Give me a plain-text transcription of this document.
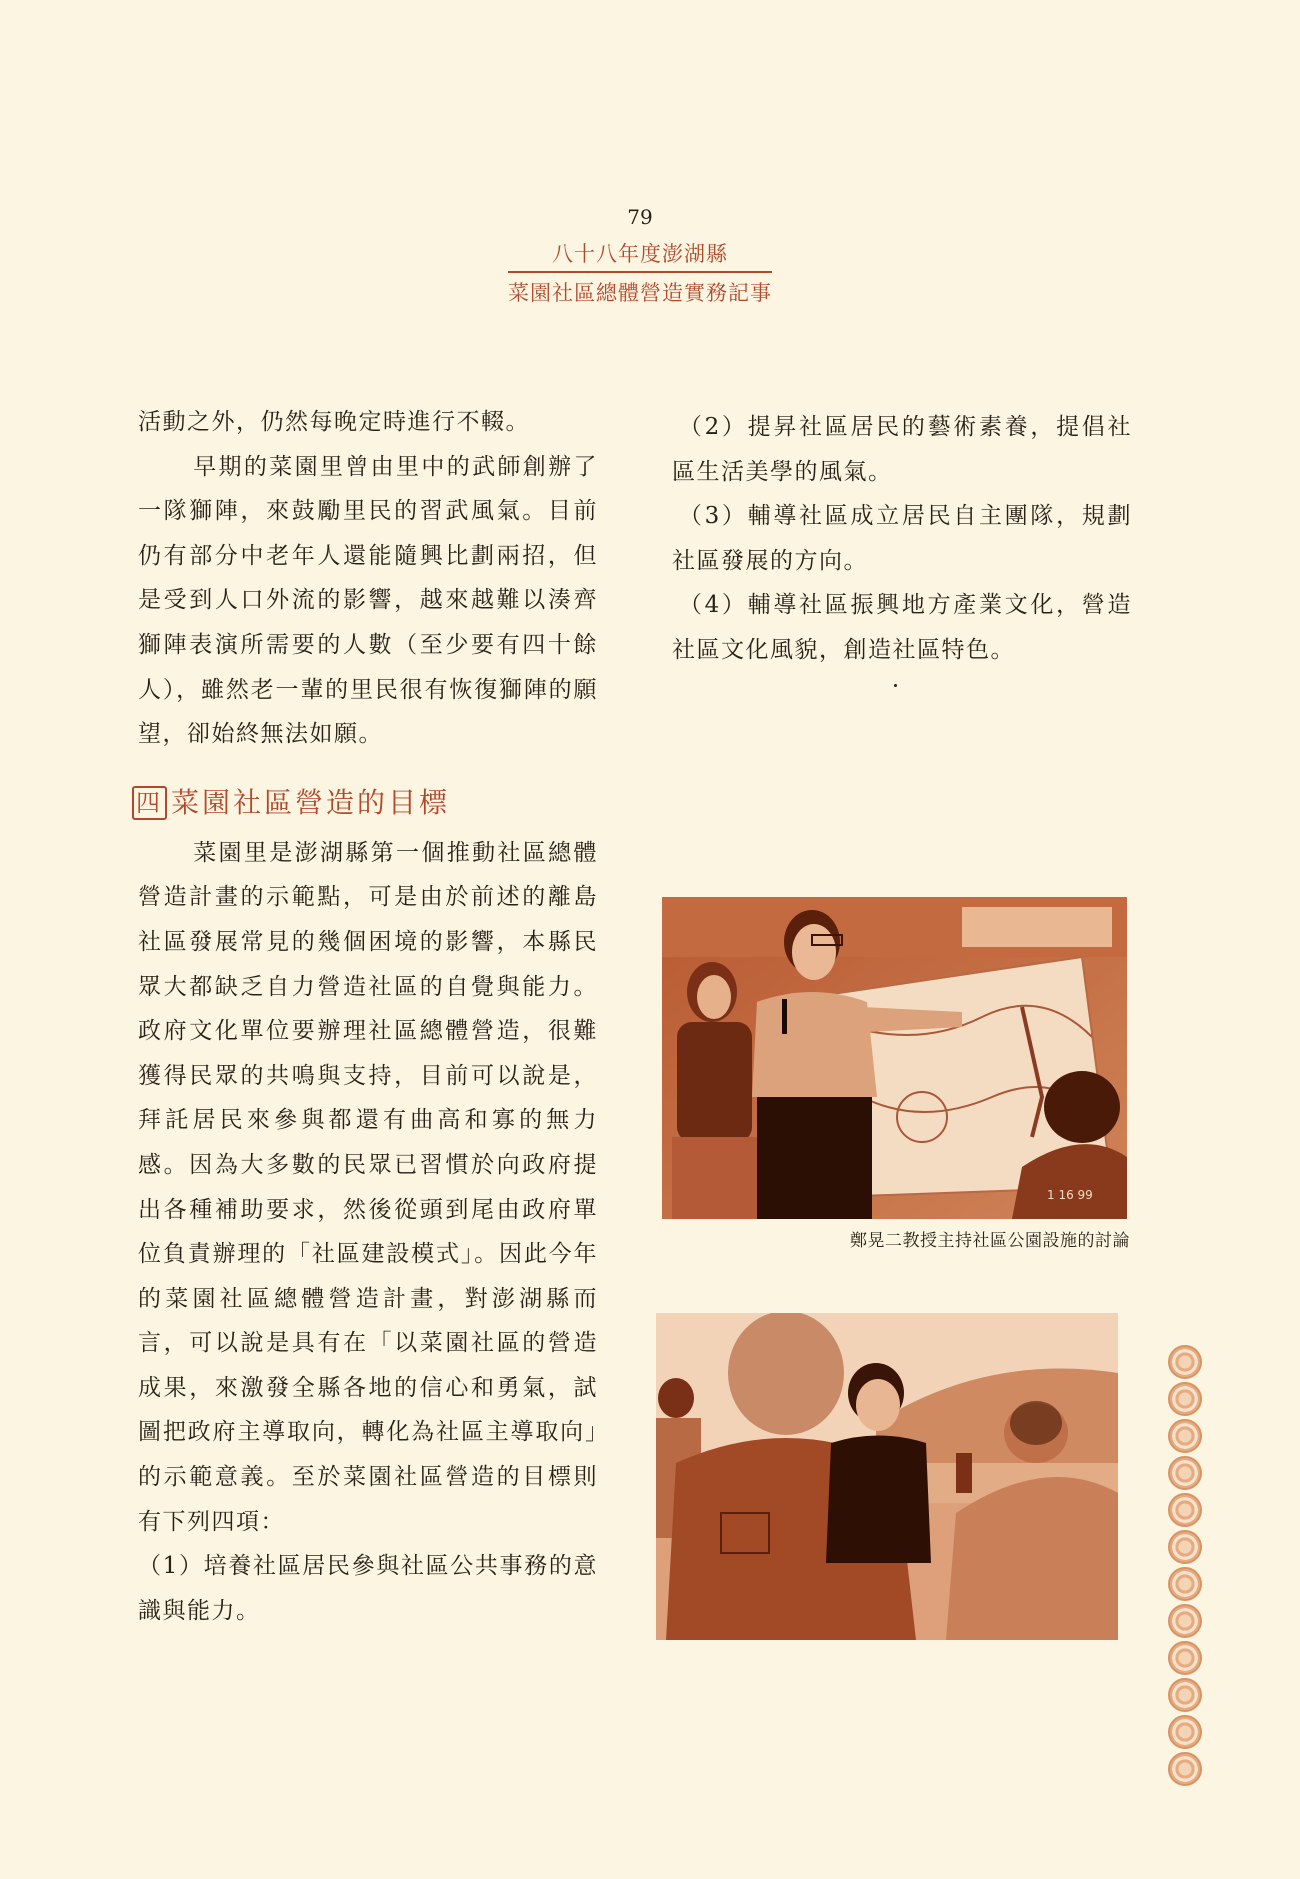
79
八十八年度澎湖縣
菜園社區總體營造實務記事

活動之外，仍然每晚定時進行不輟。

早期的菜園里曾由里中的武師創辦了一隊獅陣，來鼓勵里民的習武風氣。目前仍有部分中老年人還能隨興比劃兩招，但是受到人口外流的影響，越來越難以湊齊獅陣表演所需要的人數（至少要有四十餘人），雖然老一輩的里民很有恢復獅陣的願望，卻始終無法如願。

四 菜園社區營造的目標

菜園里是澎湖縣第一個推動社區總體營造計畫的示範點，可是由於前述的離島社區發展常見的幾個困境的影響，本縣民眾大都缺乏自力營造社區的自覺與能力。政府文化單位要辦理社區總體營造，很難獲得民眾的共鳴與支持，目前可以說是，拜託居民來參與都還有曲高和寡的無力感。因為大多數的民眾已習慣於向政府提出各種補助要求，然後從頭到尾由政府單位負責辦理的「社區建設模式」。因此今年的菜園社區總體營造計畫，對澎湖縣而言，可以說是具有在「以菜園社區的營造成果，來激發全縣各地的信心和勇氣，試圖把政府主導取向，轉化為社區主導取向」的示範意義。至於菜園社區營造的目標則有下列四項：

（1）培養社區居民參與社區公共事務的意識與能力。

（2）提昇社區居民的藝術素養，提倡社區生活美學的風氣。

（3）輔導社區成立居民自主團隊，規劃社區發展的方向。

（4）輔導社區振興地方產業文化，營造社區文化風貌，創造社區特色。

1 16 99
鄭晃二教授主持社區公園設施的討論
